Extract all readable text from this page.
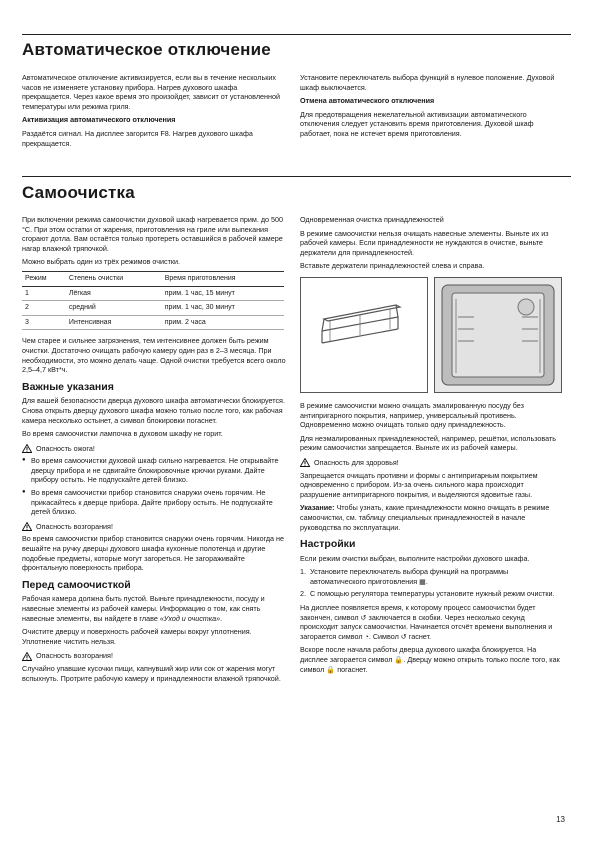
Автоматическое отключение

Автоматическое отключение активизируется, если вы в течение нескольких часов не изменяете установку прибора. Нагрев духового шкафа прекращается. Через какое время это произойдет, зависит от установленной температуры или режима гриля.

Активизация автоматического отключения

Раздаётся сигнал. На дисплее загорится F8. Нагрев духового шкафа прекращается.

Установите переключатель выбора функций в нулевое положение. Духовой шкаф выключается.

Отмена автоматического отключения

Для предотвращения нежелательной активизации автоматического отключения следует установить время приготовления. Духовой шкаф работает, пока не истечет время приготовления.

Самоочистка

При включении режима самоочистки духовой шкаф нагревается прим. до 500 °С. При этом остатки от жарения, приготовления на гриле или выпекания сгорают дотла. Вам остаётся только протереть оставшийся в рабочей камере нагар влажной тряпочкой.

Можно выбрать один из трёх режимов очистки.

Режим	Степень очистки	Время приготовления
1	Лёгкая	прим. 1 час, 15 минут
2	средний	прим. 1 час, 30 минут
3	Интенсивная	прим. 2 часа

Чем старее и сильнее загрязнения, тем интенсивнее должен быть режим очистки. Достаточно очищать рабочую камеру один раз в 2–3 месяца. При необходимости, это можно делать чаще. Одной очистки требуется всего около 2,5–4,7 кВт*ч.

Важные указания

Для вашей безопасности дверца духового шкафа автоматически блокируется. Снова открыть дверцу духового шкафа можно только после того, как рабочая камера несколько остынет, а символ блокировки погаснет.

Во время самоочистки лампочка в духовом шкафу не горит.

Опасность ожога!
● Во время самоочистки духовой шкаф сильно нагревается. Не открывайте дверцу прибора и не сдвигайте блокировочные крючки руками. Дайте прибору остыть. Не подпускайте детей близко.
● Во время самоочистки прибор становится снаружи очень горячим. Не прикасайтесь к дверце прибора. Дайте прибору остыть. Не подпускайте детей близко.
Опасность возгорания!

Во время самоочистки прибор становится снаружи очень горячим. Никогда не вешайте на ручку дверцы духового шкафа кухонные полотенца и другие подобные предметы, которые могут загореться. Не загораживайте фронтальную поверхность прибора.

Перед самоочисткой

Рабочая камера должна быть пустой. Выньте принадлежности, посуду и навесные элементы из рабочей камеры. Информацию о том, как снять навесные элементы, вы найдете в главе «Уход и очистка».

Очистите дверцу и поверхность рабочей камеры вокруг уплотнения. Уплотнение чистить нельзя.

Опасность возгорания!

Случайно упавшие кусочки пищи, капнувший жир или сок от жарения могут вспыхнуть. Протрите рабочую камеру и принадлежности влажной тряпочкой.

Одновременная очистка принадлежностей

В режиме самоочистки нельзя очищать навесные элементы. Выньте их из рабочей камеры. Если принадлежности не нуждаются в очистке, выньте держатели для принадлежностей.

Вставьте держатели принадлежностей слева и справа.

В режиме самоочистки можно очищать эмалированную посуду без антипригарного покрытия, например, универсальный противень. Одновременно можно очищать только одну принадлежность.

Для неэмалированных принадлежностей, например, решётки, использовать режим самоочистки запрещается. Выньте их из рабочей камеры.

Опасность для здоровья!

Запрещается очищать противни и формы с антипригарным покрытием одновременно с прибором. Из-за очень сильного жара происходит разрушение антипригарного покрытия, и выделяются ядовитые газы.

Указание: Чтобы узнать, какие принадлежности можно очищать в режиме самоочистки, см. таблицу специальных принадлежностей в начале руководства по эксплуатации.

Настройки

Если режим очистки выбран, выполните настройки духового шкафа.

1. Установите переключатель выбора функций на программы автоматического приготовления ▦.
2. С помощью регулятора температуры установите нужный режим очистки.

На дисплее появляется время, к которому процесс самоочистки будет закончен, символ ↺ заключается в скобки. Через несколько секунд происходит запуск самоочистки. Начинается отсчёт времени выполнения и загорается символ ◔. Символ ↺ гаснет.

Вскоре после начала работы дверца духового шкафа блокируется. На дисплее загорается символ 🔒. Дверцу можно открыть только после того, как символ 🔒 погаснет.

13
